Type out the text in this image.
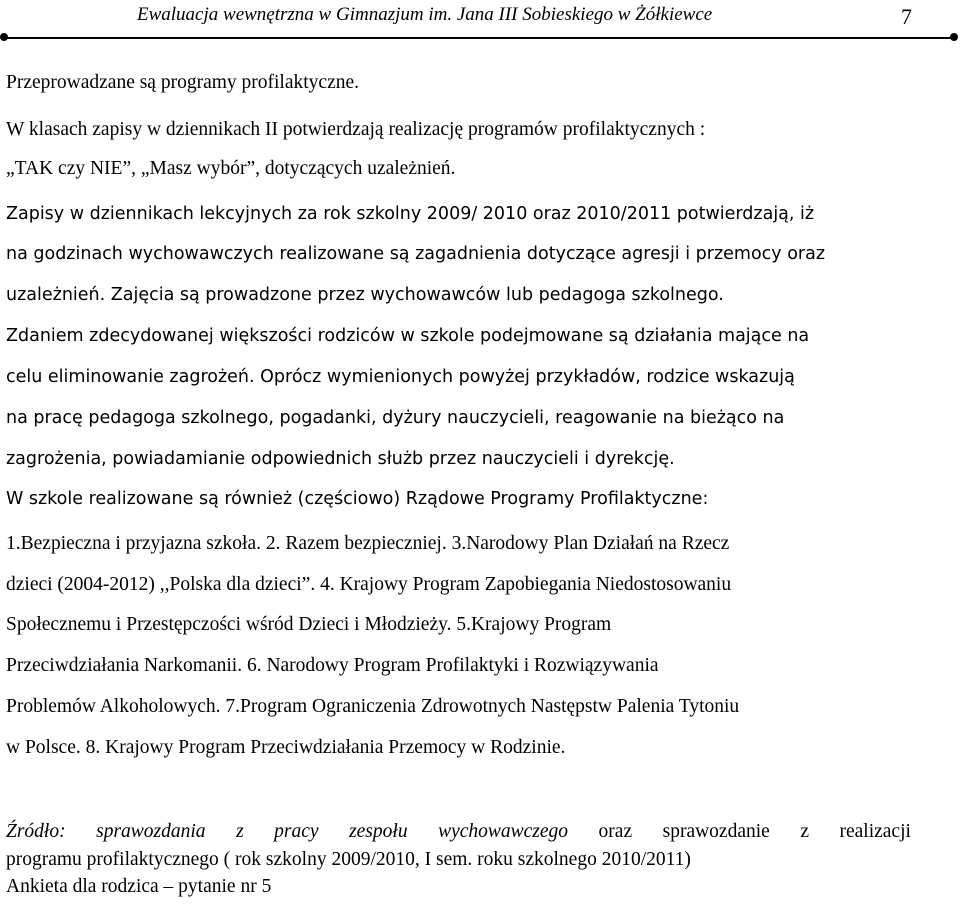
Ewaluacja wewnętrzna w Gimnazjum im. Jana III Sobieskiego w Żółkiewce	7
Przeprowadzane są programy profilaktyczne.
W klasach zapisy w dziennikach II potwierdzają realizację programów profilaktycznych :
„TAK czy NIE”, „Masz wybór”, dotyczących uzależnień.
Zapisy w dziennikach lekcyjnych za rok szkolny 2009/ 2010 oraz 2010/2011 potwierdzają, iż
na godzinach wychowawczych realizowane są zagadnienia dotyczące agresji i przemocy oraz
uzależnień. Zajęcia są prowadzone przez wychowawców lub pedagoga szkolnego.
Zdaniem zdecydowanej większości rodziców w szkole podejmowane są działania mające na
celu eliminowanie zagrożeń. Oprócz wymienionych powyżej przykładów, rodzice wskazują
na pracę pedagoga szkolnego, pogadanki, dyżury nauczycieli, reagowanie na bieżąco na
zagrożenia, powiadamianie odpowiednich służb przez nauczycieli i dyrekcję.
W szkole realizowane są również (częściowo) Rządowe Programy Profilaktyczne:
1.Bezpieczna i przyjazna szkoła. 2. Razem bezpieczniej. 3.Narodowy Plan Działań na Rzecz
dzieci (2004-2012) ,,Polska dla dzieci”. 4. Krajowy Program Zapobiegania Niedostosowaniu
Społecznemu i Przestępczości wśród Dzieci i Młodzieży. 5.Krajowy Program
Przeciwdziałania Narkomanii. 6. Narodowy Program Profilaktyki i Rozwiązywania
Problemów Alkoholowych. 7.Program Ograniczenia Zdrowotnych Następstw Palenia Tytoniu
w Polsce. 8. Krajowy Program Przeciwdziałania Przemocy w Rodzinie.
Źródło: sprawozdania z pracy zespołu wychowawczego oraz sprawozdanie z realizacji
programu profilaktycznego ( rok szkolny 2009/2010, I sem. roku szkolnego 2010/2011)
Ankieta dla rodzica – pytanie nr 5
